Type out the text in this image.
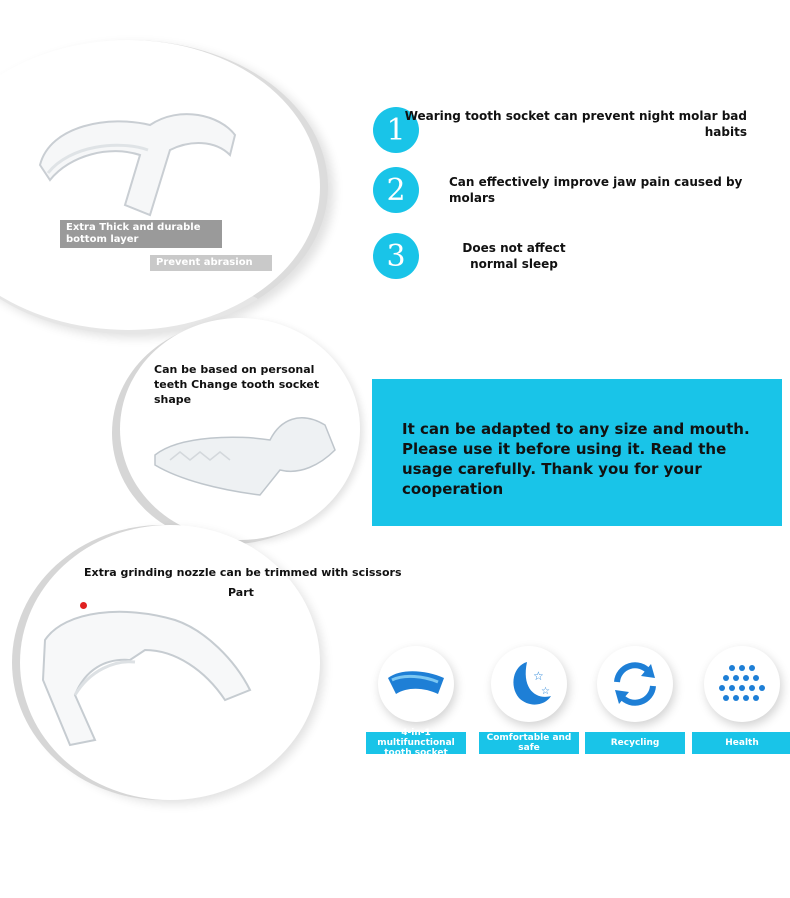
Extra Thick and durable bottom layer
Prevent abrasion
1 Wearing tooth socket can prevent night molar bad habits
2	Can effectively improve jaw pain caused by molars
3	Does not affect normal sleep
Can be based on personal teeth Change tooth socket shape
It can be adapted to any size and mouth. Please use it before using it. Read the usage carefully. Thank you for your cooperation
Extra grinding nozzle can be trimmed with scissors
Part
4-in-1 multifunctional tooth socket
☆
☆
Comfortable and safe	Recycling	Health
